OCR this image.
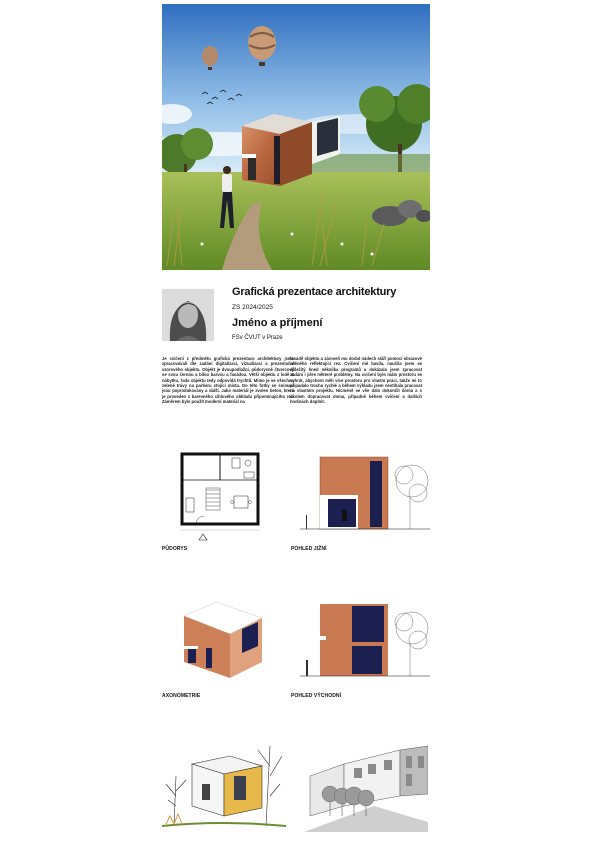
Grafická prezentace architektury
ZS 2024/2025
Jméno a příjmení
FSv ČVUT v Praze
Je cvičení z předmětu grafická prezentace architektury jsme zpracovávali dle zadání digitalizaci, vizualizaci a prezentační vzorového objektu. Objekt je dvoupodlažní, půdorysně čtvercový se svou černou a bílou barvou a fasádou. Větší objektu z lodě & nábytku, řada objektu tedy odpovídá trychtů. Mimo je ve všechno zelené trávy na partieru stojící místa. Do této fotky se snímací jsou poprodukovány a další. Jako materiál je zvolen beton, která je proveden z barevného cihlového obkladu připomínajícího rez. Záměrem bylo použít moderní materiál na
fasádě objektu a zároveň mu dodat nádech stáří pomocí obrazové zděného reflektující rez. Cvičení mě bavila, naučila jsem se důležitý hned několika programů a dokázala jsem zpracovat zadání i přes některé problémy. Na cvičení bylo málo prostoru se vyhrát, abychom měli více prostoru pro vlastní práci, takže mi to připadalo trochu rychlé a během výkladu jsem nestíhala pracovat na vlastním projektu. Nicméně se vše dalo dokončit doma a s úkolem dopracovat doma, případně během cvičení a dalších hodinách doplnit.
PŮDORYS	POHLED JIŽNÍ
AXONOMETRIE	POHLED VÝCHODNÍ
